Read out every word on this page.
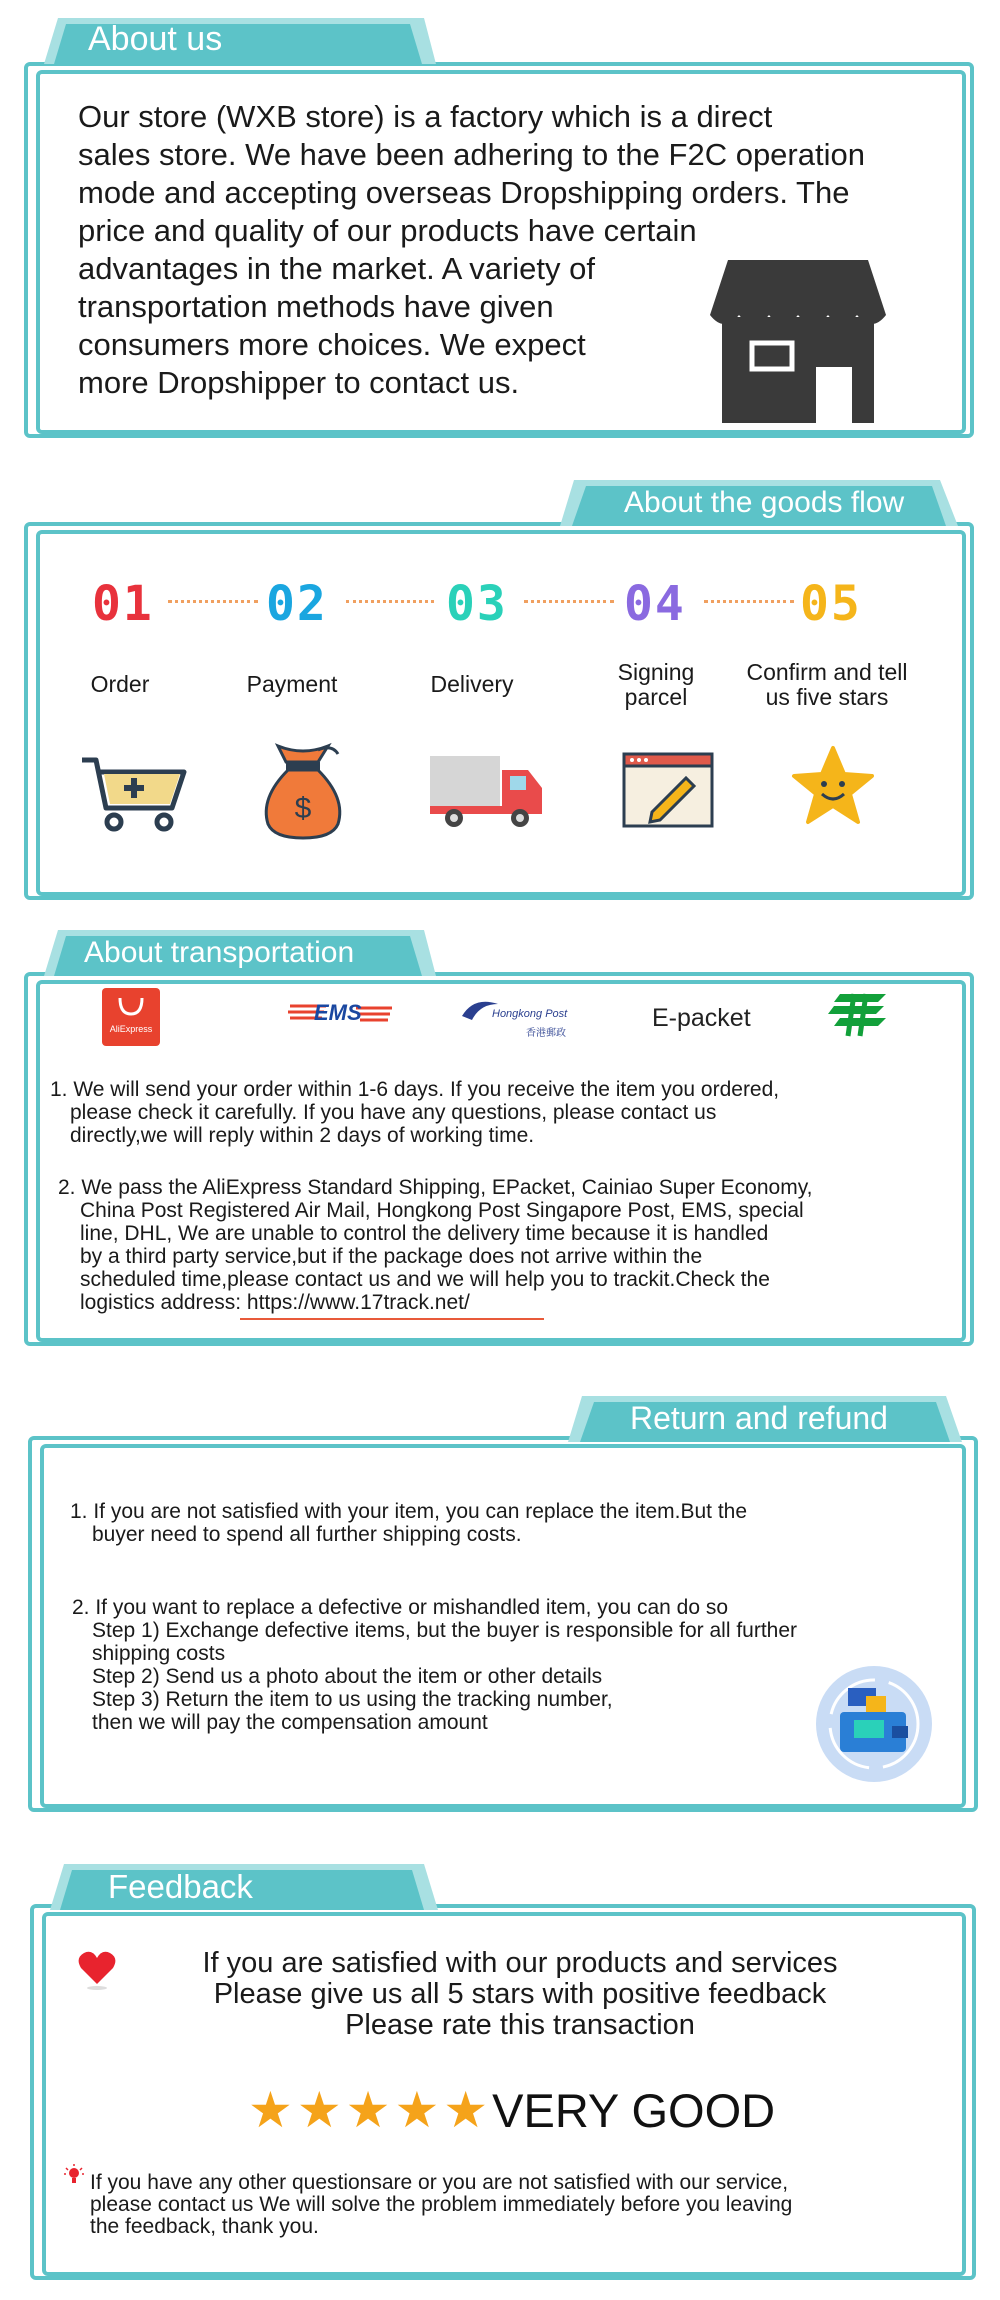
About us

Our store (WXB store) is a factory which is a direct

sales store. We have been adhering to the F2C operation

mode and accepting overseas Dropshipping orders. The

price and quality of our products have certain

advantages in the market. A variety of

transportation methods have given

consumers more choices. We expect

more Dropshipper to contact us.

About the goods flow
01 02 03 04 05
Order	Payment	Delivery	Signing parcel
Confirm and tell us five stars
$
About transportation
AliExpress
EMS	Hongkong Post
香港郵政
E-packet

1. We will send your order within 1-6 days. If you receive the item you ordered,

please check it carefully. If you have any questions, please contact us

directly,we will reply within 2 days of working time.

2. We pass the AliExpress Standard Shipping, EPacket, Cainiao Super Economy,

China Post Registered Air Mail, Hongkong Post Singapore Post, EMS, special

line, DHL, We are unable to control the delivery time because it is handled

by a third party service,but if the package does not arrive within the

scheduled time,please contact us and we will help you to trackit.Check the

logistics address: https://www.17track.net/

Return and refund

1. If you are not satisfied with your item, you can replace the item.But the

buyer need to spend all further shipping costs.

2. If you want to replace a defective or mishandled item, you can do so

Step 1) Exchange defective items, but the buyer is responsible for all further

shipping costs

Step 2) Send us a photo about the item or other details

Step 3) Return the item to us using the tracking number,

then we will pay the compensation amount

Feedback

If you are satisfied with our products and services

Please give us all 5 stars with positive feedback

Please rate this transaction

★★★★★VERY GOOD

If you have any other questionsare or you are not satisfied with our service,

please contact us We will solve the problem immediately before you leaving

the feedback, thank you.
